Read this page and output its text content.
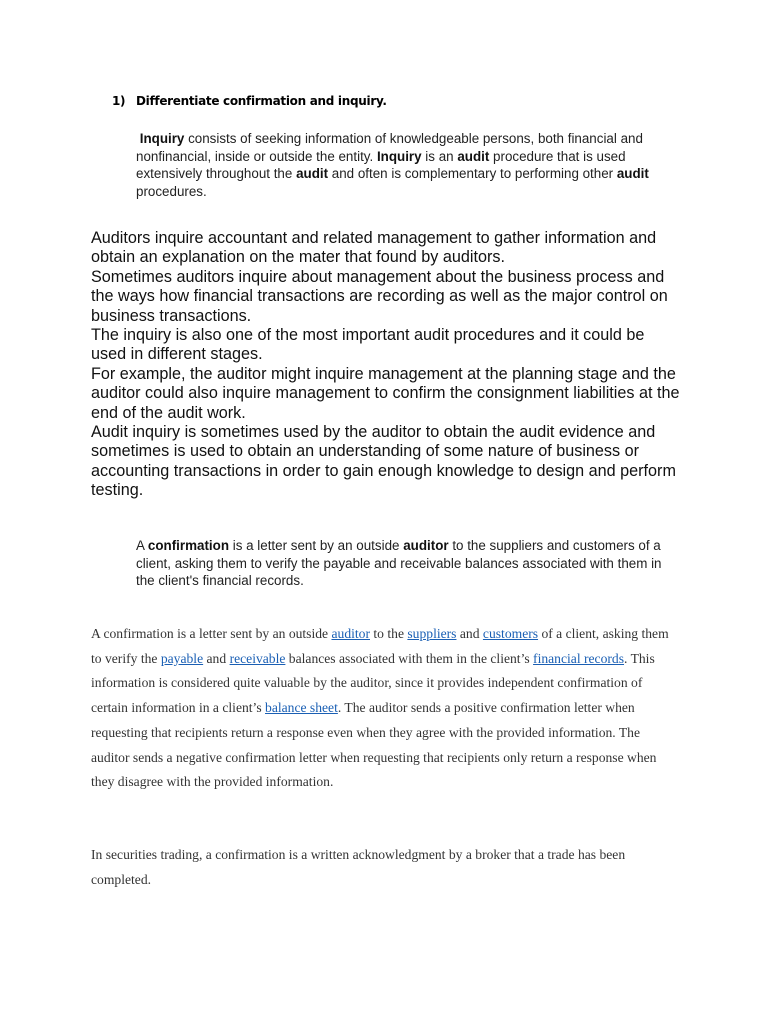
1) Differentiate confirmation and inquiry.

Inquiry consists of seeking information of knowledgeable persons, both financial and nonfinancial, inside or outside the entity. Inquiry is an audit procedure that is used extensively throughout the audit and often is complementary to performing other audit procedures.

Auditors inquire accountant and related management to gather information and obtain an explanation on the mater that found by auditors.

Sometimes auditors inquire about management about the business process and the ways how financial transactions are recording as well as the major control on business transactions.

The inquiry is also one of the most important audit procedures and it could be used in different stages.

For example, the auditor might inquire management at the planning stage and the auditor could also inquire management to confirm the consignment liabilities at the end of the audit work.

Audit inquiry is sometimes used by the auditor to obtain the audit evidence and sometimes is used to obtain an understanding of some nature of business or accounting transactions in order to gain enough knowledge to design and perform testing.

A confirmation is a letter sent by an outside auditor to the suppliers and customers of a client, asking them to verify the payable and receivable balances associated with them in the client's financial records.

A confirmation is a letter sent by an outside auditor to the suppliers and customers of a client, asking them to verify the payable and receivable balances associated with them in the client’s financial records. This information is considered quite valuable by the auditor, since it provides independent confirmation of certain information in a client’s balance sheet. The auditor sends a positive confirmation letter when requesting that recipients return a response even when they agree with the provided information. The auditor sends a negative confirmation letter when requesting that recipients only return a response when they disagree with the provided information.

In securities trading, a confirmation is a written acknowledgment by a broker that a trade has been completed.
